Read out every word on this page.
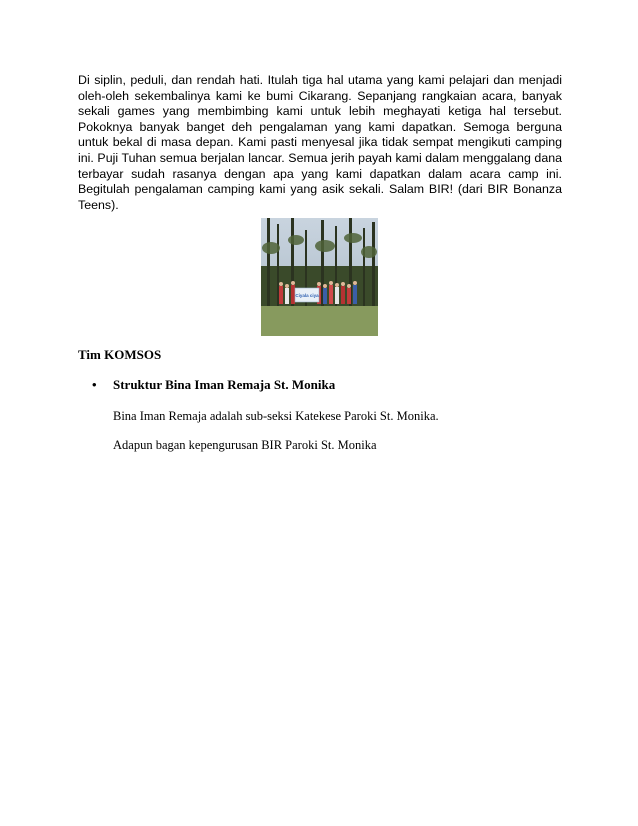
Di siplin, peduli, dan rendah hati. Itulah tiga hal utama yang kami pelajari dan menjadi oleh-oleh sekembalinya kami ke bumi Cikarang. Sepanjang rangkaian acara, banyak sekali games yang membimbing kami untuk lebih meghayati ketiga hal tersebut. Pokoknya banyak banget deh pengalaman yang kami dapatkan. Semoga berguna untuk bekal di masa depan. Kami pasti menyesal jika tidak sempat mengikuti camping ini. Puji Tuhan semua berjalan lancar. Semua jerih payah kami dalam menggalang dana terbayar sudah rasanya dengan apa yang kami dapatkan dalam acara camp ini. Begitulah pengalaman camping kami yang asik sekali. Salam BIR! (dari BIR Bonanza Teens).

Ciyala ciya

Tim KOMSOS

• Struktur Bina Iman Remaja St. Monika

Bina Iman Remaja adalah sub-seksi Katekese Paroki St. Monika.

Adapun bagan kepengurusan BIR Paroki St. Monika
